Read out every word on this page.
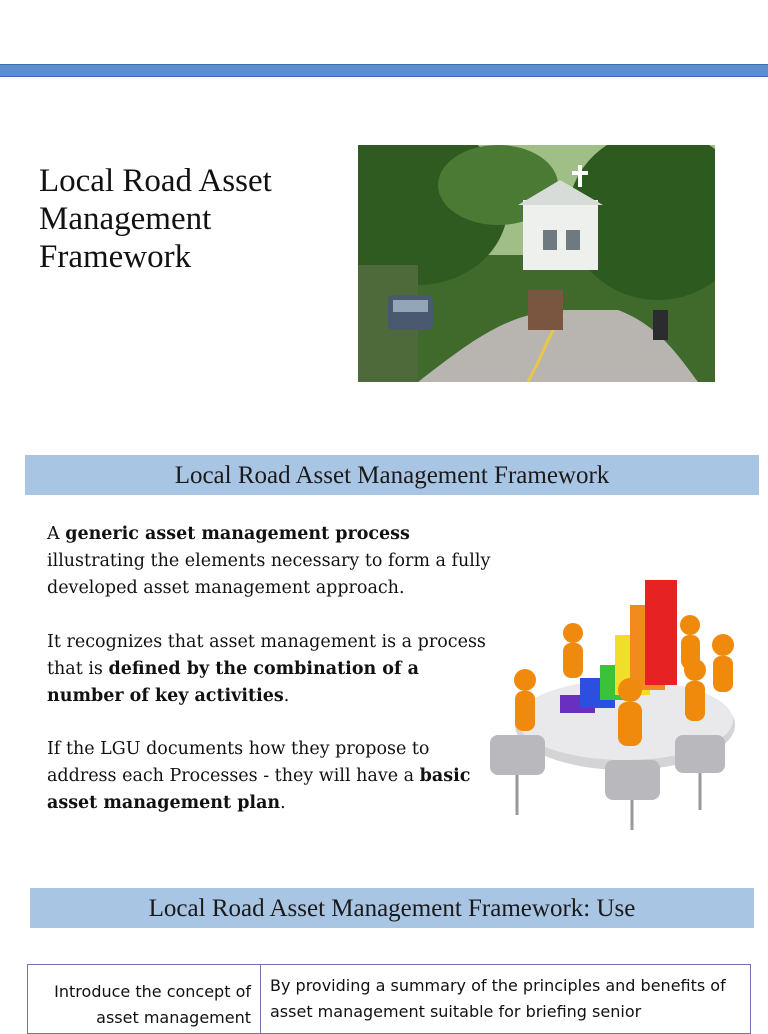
Local Road Asset Management Framework
Local Road Asset Management Framework
A generic asset management process illustrating the elements necessary to form a fully developed asset management approach.
It recognizes that asset management is a process that is defined by the combination of a number of key activities.
If the LGU documents how they propose to address each Processes - they will have a basic asset management plan.
Local Road Asset Management Framework: Use
Introduce the concept of asset management
By providing a summary of the principles and benefits of asset management suitable for briefing senior
